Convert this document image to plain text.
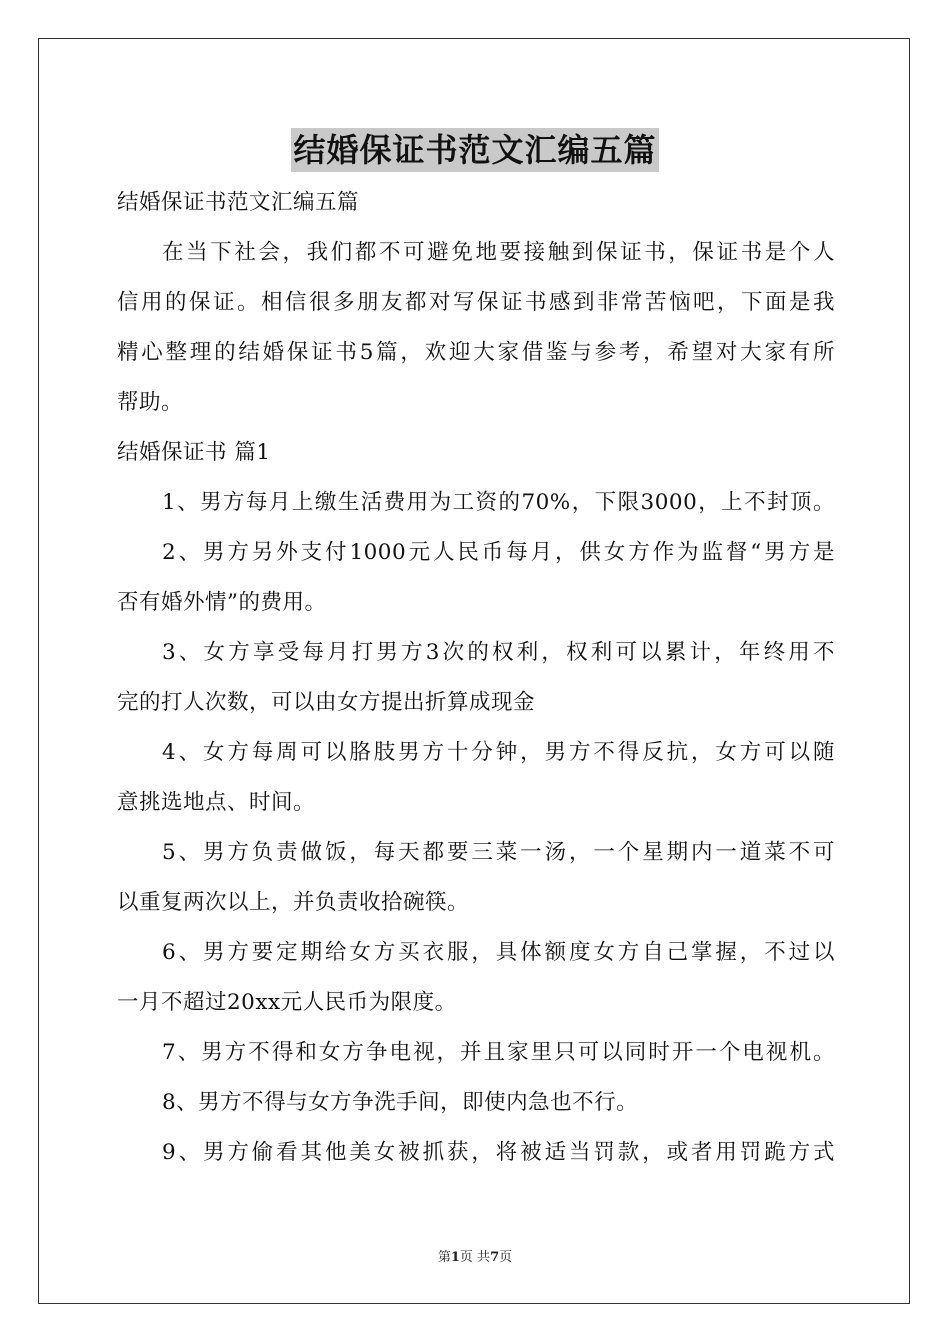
结婚保证书范文汇编五篇
结婚保证书范文汇编五篇
在当下社会，我们都不可避免地要接触到保证书，保证书是个人
信用的保证。相信很多朋友都对写保证书感到非常苦恼吧，下面是我
精心整理的结婚保证书5篇，欢迎大家借鉴与参考，希望对大家有所
帮助。
结婚保证书 篇1
1、男方每月上缴生活费用为工资的70%，下限3000，上不封顶。
2、男方另外支付1000元人民币每月，供女方作为监督“男方是
否有婚外情”的费用。
3、女方享受每月打男方3次的权利，权利可以累计，年终用不
完的打人次数，可以由女方提出折算成现金
4、女方每周可以胳肢男方十分钟，男方不得反抗，女方可以随
意挑选地点、时间。
5、男方负责做饭，每天都要三菜一汤，一个星期内一道菜不可
以重复两次以上，并负责收拾碗筷。
6、男方要定期给女方买衣服，具体额度女方自己掌握，不过以
一月不超过20xx元人民币为限度。
7、男方不得和女方争电视，并且家里只可以同时开一个电视机。
8、男方不得与女方争洗手间，即使内急也不行。
9、男方偷看其他美女被抓获，将被适当罚款，或者用罚跪方式
第1页 共7页
